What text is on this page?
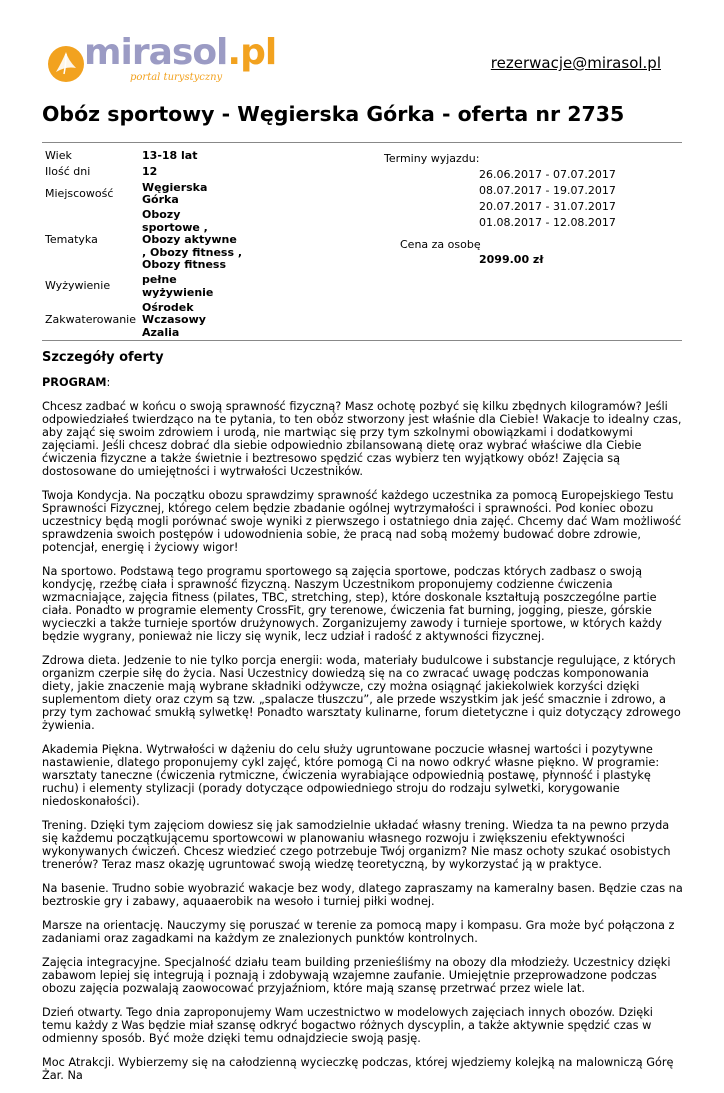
mirasol.pl
portal turystyczny
rezerwacje@mirasol.pl
Obóz sportowy - Węgierska Górka - oferta nr 2735
Wiek	13-18 lat
Ilość dni	12
Miejscowość	Węgierska Górka
Tematyka	Obozy sportowe , Obozy aktywne , Obozy fitness , Obozy fitness
Wyżywienie	pełne wyżywienie
Zakwaterowanie	Ośrodek Wczasowy Azalia
Terminy wyjazdu:
26.06.2017 - 07.07.2017
08.07.2017 - 19.07.2017
20.07.2017 - 31.07.2017
01.08.2017 - 12.08.2017
Cena za osobę
2099.00 zł
Szczegóły oferty

PROGRAM:

Chcesz zadbać w końcu o swoją sprawność fizyczną? Masz ochotę pozbyć się kilku zbędnych kilogramów? Jeśli odpowiedziałeś twierdząco na te pytania, to ten obóz stworzony jest właśnie dla Ciebie! Wakacje to idealny czas, aby zająć się swoim zdrowiem i urodą, nie martwiąc się przy tym szkolnymi obowiązkami i dodatkowymi zajęciami. Jeśli chcesz dobrać dla siebie odpowiednio zbilansowaną dietę oraz wybrać właściwe dla Ciebie ćwiczenia fizyczne a także świetnie i beztresowo spędzić czas wybierz ten wyjątkowy obóz! Zajęcia są dostosowane do umiejętności i wytrwałości Uczestników.

Twoja Kondycja. Na początku obozu sprawdzimy sprawność każdego uczestnika za pomocą Europejskiego Testu Sprawności Fizycznej, którego celem będzie zbadanie ogólnej wytrzymałości i sprawności. Pod koniec obozu uczestnicy będą mogli porównać swoje wyniki z pierwszego i ostatniego dnia zajęć. Chcemy dać Wam możliwość sprawdzenia swoich postępów i udowodnienia sobie, że pracą nad sobą możemy budować dobre zdrowie, potencjał, energię i życiowy wigor!

Na sportowo. Podstawą tego programu sportowego są zajęcia sportowe, podczas których zadbasz o swoją kondycję, rzeźbę ciała i sprawność fizyczną. Naszym Uczestnikom proponujemy codzienne ćwiczenia wzmacniające, zajęcia fitness (pilates, TBC, stretching, step), które doskonale kształtują poszczególne partie ciała. Ponadto w programie elementy CrossFit, gry terenowe, ćwiczenia fat burning, jogging, piesze, górskie wycieczki a także turnieje sportów drużynowych. Zorganizujemy zawody i turnieje sportowe, w których każdy będzie wygrany, ponieważ nie liczy się wynik, lecz udział i radość z aktywności fizycznej.

Zdrowa dieta. Jedzenie to nie tylko porcja energii: woda, materiały budulcowe i substancje regulujące, z których organizm czerpie siłę do życia. Nasi Uczestnicy dowiedzą się na co zwracać uwagę podczas komponowania diety, jakie znaczenie mają wybrane składniki odżywcze, czy można osiągnąć jakiekolwiek korzyści dzięki suplementom diety oraz czym są tzw. „spalacze tłuszczu”, ale przede wszystkim jak jeść smacznie i zdrowo, a przy tym zachować smukłą sylwetkę! Ponadto warsztaty kulinarne, forum dietetyczne i quiz dotyczący zdrowego żywienia.

Akademia Piękna. Wytrwałości w dążeniu do celu służy ugruntowane poczucie własnej wartości i pozytywne nastawienie, dlatego proponujemy cykl zajęć, które pomogą Ci na nowo odkryć własne piękno. W programie: warsztaty taneczne (ćwiczenia rytmiczne, ćwiczenia wyrabiające odpowiednią postawę, płynność i plastykę ruchu) i elementy stylizacji (porady dotyczące odpowiedniego stroju do rodzaju sylwetki, korygowanie niedoskonałości).

Trening. Dzięki tym zajęciom dowiesz się jak samodzielnie układać własny trening. Wiedza ta na pewno przyda się każdemu początkującemu sportowcowi w planowaniu własnego rozwoju i zwiększeniu efektywności wykonywanych ćwiczeń. Chcesz wiedzieć czego potrzebuje Twój organizm? Nie masz ochoty szukać osobistych trenerów? Teraz masz okazję ugruntować swoją wiedzę teoretyczną, by wykorzystać ją w praktyce.

Na basenie. Trudno sobie wyobrazić wakacje bez wody, dlatego zapraszamy na kameralny basen. Będzie czas na beztroskie gry i zabawy, aquaaerobik na wesoło i turniej piłki wodnej.

Marsze na orientację. Nauczymy się poruszać w terenie za pomocą mapy i kompasu. Gra może być połączona z zadaniami oraz zagadkami na każdym ze znalezionych punktów kontrolnych.

Zajęcia integracyjne. Specjalność działu team building przenieśliśmy na obozy dla młodzieży. Uczestnicy dzięki zabawom lepiej się integrują i poznają i zdobywają wzajemne zaufanie. Umiejętnie przeprowadzone podczas obozu zajęcia pozwalają zaowocować przyjaźniom, które mają szansę przetrwać przez wiele lat.

Dzień otwarty. Tego dnia zaproponujemy Wam uczestnictwo w modelowych zajęciach innych obozów. Dzięki temu każdy z Was będzie miał szansę odkryć bogactwo różnych dyscyplin, a także aktywnie spędzić czas w odmienny sposób. Być może dzięki temu odnajdziecie swoją pasję.

Moc Atrakcji. Wybierzemy się na całodzienną wycieczkę podczas, której wjedziemy kolejką na malowniczą Górę Żar. Na
